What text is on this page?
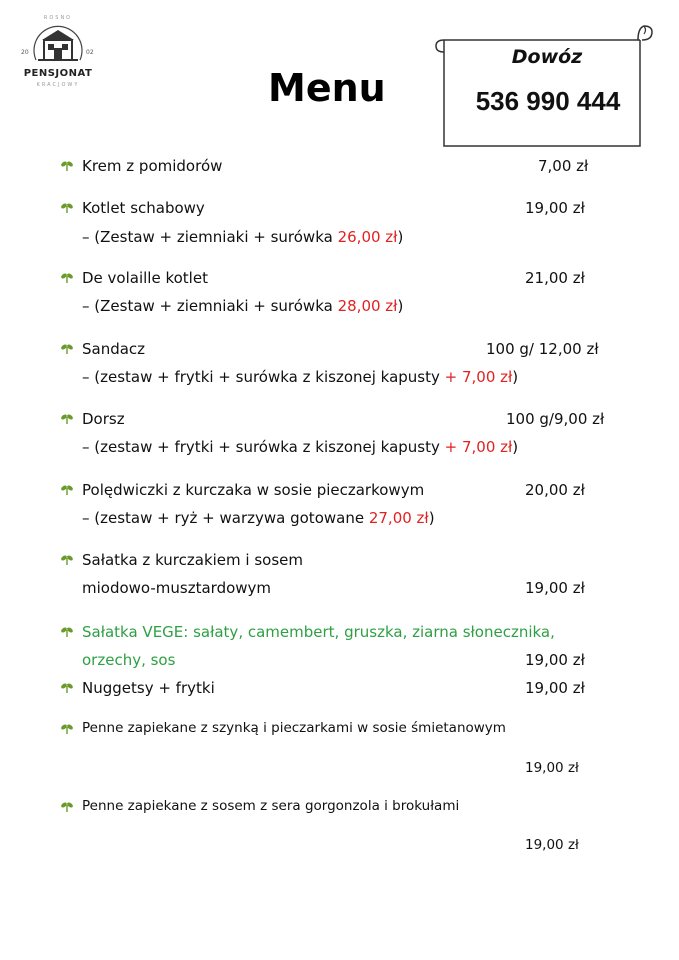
ROSNO
20	02
PENSJONAT
KRACJOWY	Menu
Dowóz
536 990 444
Krem z pomidorów	7,00 zł
Kotlet schabowy	19,00 zł
– (Zestaw + ziemniaki + surówka 26,00 zł)
De volaille kotlet	21,00 zł
– (Zestaw + ziemniaki + surówka 28,00 zł)
Sandacz	100 g/ 12,00 zł
– (zestaw + frytki + surówka z kiszonej kapusty + 7,00 zł)
Dorsz	100 g/9,00 zł
– (zestaw + frytki + surówka z kiszonej kapusty + 7,00 zł)
Polędwiczki z kurczaka w sosie pieczarkowym	20,00 zł
– (zestaw + ryż + warzywa gotowane 27,00 zł)
Sałatka z kurczakiem i sosem
miodowo-musztardowym	19,00 zł
Sałatka VEGE: sałaty, camembert, gruszka, ziarna słonecznika,
orzechy, sos	19,00 zł
Nuggetsy + frytki	19,00 zł
Penne zapiekane z szynką i pieczarkami w sosie śmietanowym
19,00 zł
Penne zapiekane z sosem z sera gorgonzola i brokułami
19,00 zł
